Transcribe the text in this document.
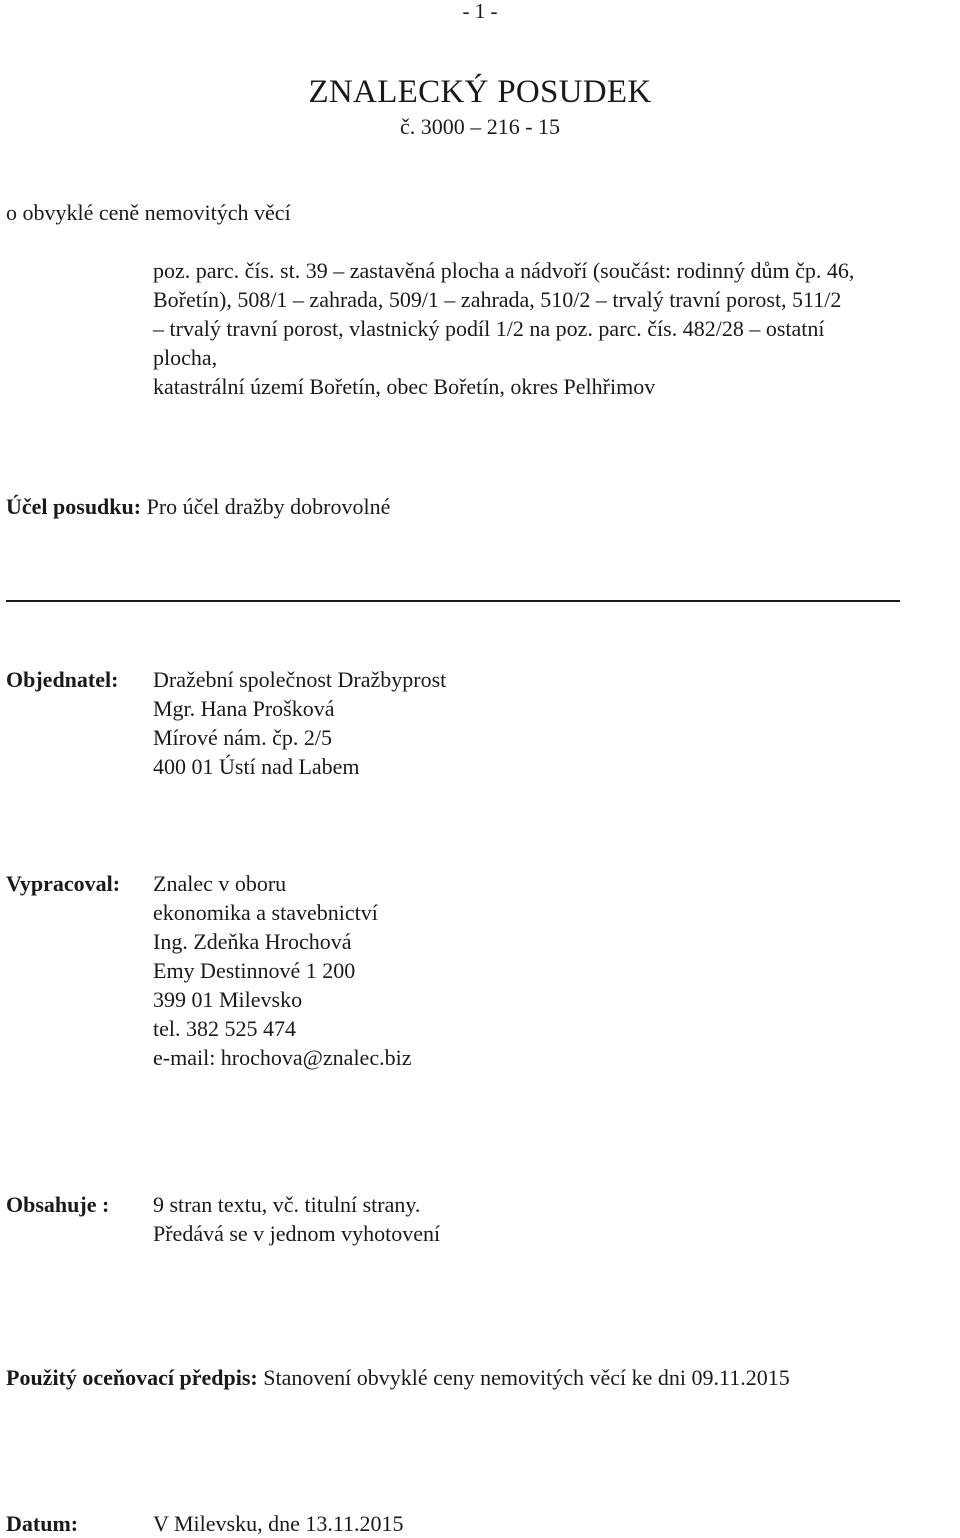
- 1 -
ZNALECKÝ POSUDEK
č. 3000 – 216 - 15
o obvyklé ceně nemovitých věcí
poz. parc. čís. st. 39 – zastavěná plocha a nádvoří (součást: rodinný dům čp. 46,
Bořetín), 508/1 – zahrada, 509/1 – zahrada, 510/2 – trvalý travní porost, 511/2
– trvalý travní porost, vlastnický podíl 1/2 na poz. parc. čís. 482/28 – ostatní
plocha,
katastrální území Bořetín, obec Bořetín, okres Pelhřimov
Účel posudku: Pro účel dražby dobrovolné
Objednatel: Dražební společnost Dražbyprost
Mgr. Hana Prošková
Mírové nám. čp. 2/5
400 01 Ústí nad Labem
Vypracoval: Znalec v oboru
ekonomika a stavebnictví
Ing. Zdeňka Hrochová
Emy Destinnové 1 200
399 01 Milevsko
tel. 382 525 474
e-mail: hrochova@znalec.biz
Obsahuje : 9 stran textu, vč. titulní strany.
Předává se v jednom vyhotovení
Použitý oceňovací předpis: Stanovení obvyklé ceny nemovitých věcí ke dni 09.11.2015
Datum:	V Milevsku, dne 13.11.2015
